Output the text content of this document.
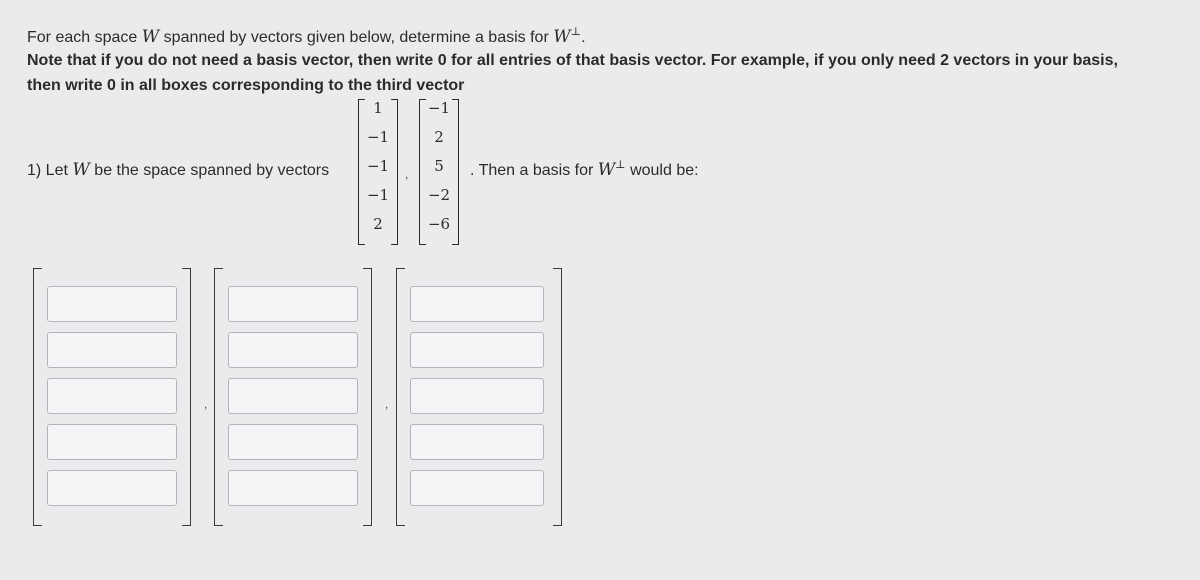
For each space W spanned by vectors given below, determine a basis for W⊥.
Note that if you do not need a basis vector, then write 0 for all entries of that basis vector. For example, if you only need 2 vectors in your basis,
then write 0 in all boxes corresponding to the third vector
1) Let W be the space spanned by vectors
1
−1
−1
−1
2
,
−1
2
5
−2
−6
. Then a basis for W⊥ would be:
,	,
